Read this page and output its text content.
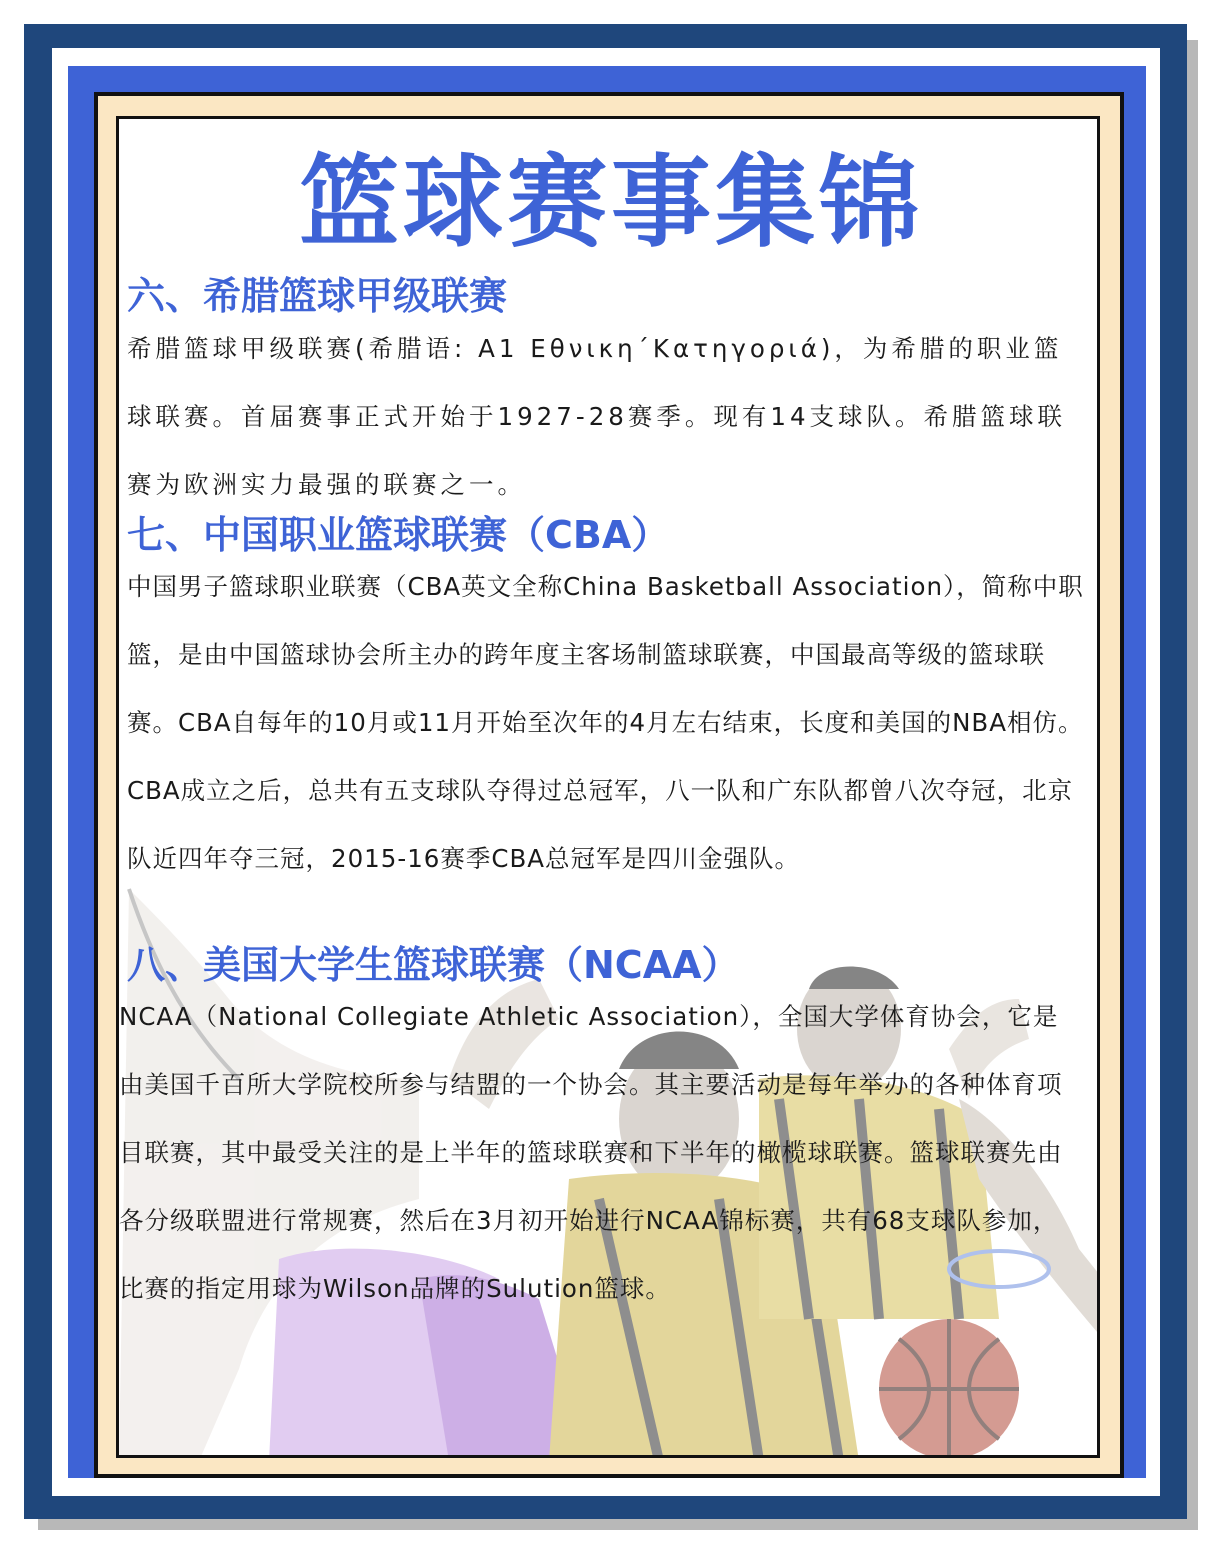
篮球赛事集锦
六、希腊篮球甲级联赛

希腊篮球甲级联赛(希腊语: A1 Εθνικη΄Κατηγοριά)，为希腊的职业篮球联赛。首届赛事正式开始于1927-28赛季。现有14支球队。希腊篮球联赛为欧洲实力最强的联赛之一。

七、中国职业篮球联赛（CBA）

中国男子篮球职业联赛（CBA英文全称China Basketball Association），简称中职篮，是由中国篮球协会所主办的跨年度主客场制篮球联赛，中国最高等级的篮球联赛。CBA自每年的10月或11月开始至次年的4月左右结束，长度和美国的NBA相仿。CBA成立之后，总共有五支球队夺得过总冠军，八一队和广东队都曾八次夺冠，北京队近四年夺三冠，2015-16赛季CBA总冠军是四川金强队。

八、美国大学生篮球联赛（NCAA）

NCAA（National Collegiate Athletic Association），全国大学体育协会，它是由美国千百所大学院校所参与结盟的一个协会。其主要活动是每年举办的各种体育项目联赛，其中最受关注的是上半年的篮球联赛和下半年的橄榄球联赛。篮球联赛先由各分级联盟进行常规赛，然后在3月初开始进行NCAA锦标赛，共有68支球队参加，比赛的指定用球为Wilson品牌的Sulution篮球。
